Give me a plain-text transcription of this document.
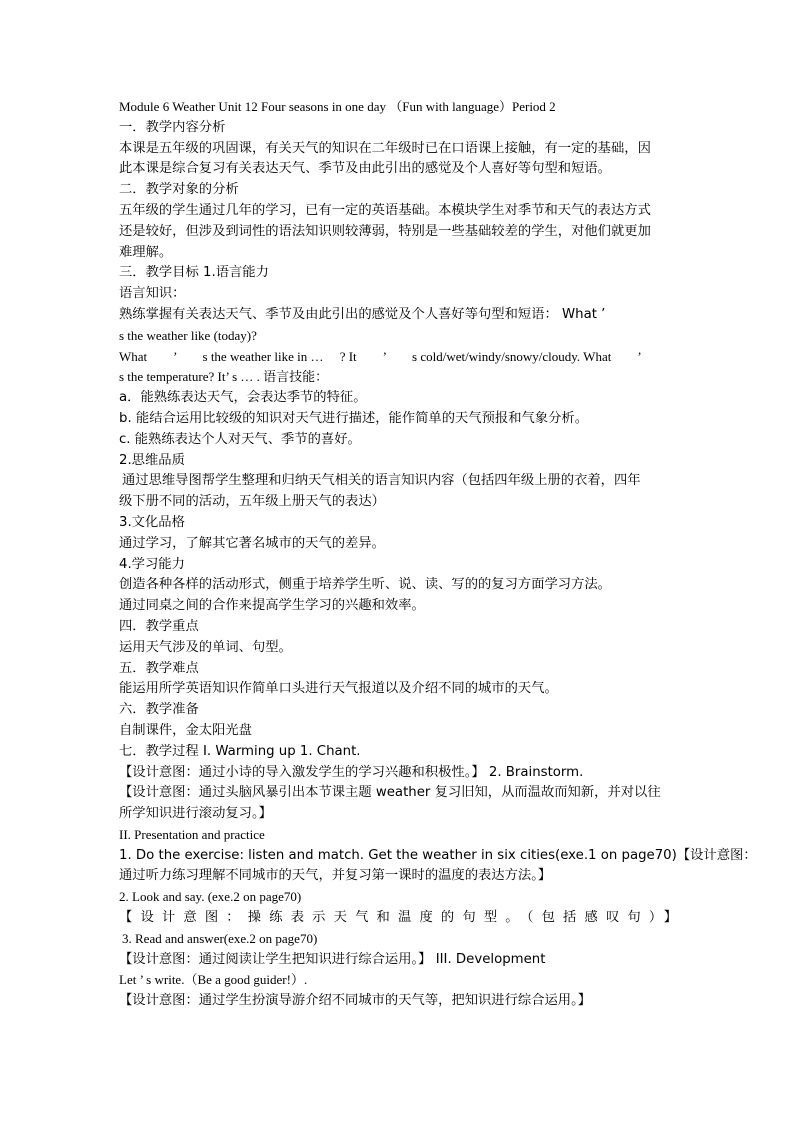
Module 6 Weather Unit 12 Four seasons in one day （Fun with language）Period 2
一．教学内容分析
本课是五年级的巩固课，有关天气的知识在二年级时已在口语课上接触，有一定的基础，因
此本课是综合复习有关表达天气、季节及由此引出的感觉及个人喜好等句型和短语。
二．教学对象的分析
五年级的学生通过几年的学习，已有一定的英语基础。本模块学生对季节和天气的表达方式
还是较好，但涉及到词性的语法知识则较薄弱，特别是一些基础较差的学生，对他们就更加
难理解。
三．教学目标 1.语言能力
语言知识：
熟练掌握有关表达天气、季节及由此引出的感觉及个人喜好等句型和短语： What ’
s the weather like (today)?
What　　’　　s the weather like in …　 ? It　　’　　s cold/wet/windy/snowy/cloudy. What　　’
s the temperature? It’ s … . 语言技能：
a．能熟练表达天气，会表达季节的特征。
b. 能结合运用比较级的知识对天气进行描述，能作简单的天气预报和气象分析。
c. 能熟练表达个人对天气、季节的喜好。
2.思维品质
通过思维导图帮学生整理和归纳天气相关的语言知识内容（包括四年级上册的衣着，四年
级下册不同的活动，五年级上册天气的表达）
3.文化品格
通过学习，了解其它著名城市的天气的差异。
4.学习能力
创造各种各样的活动形式，侧重于培养学生听、说、读、写的的复习方面学习方法。
通过同桌之间的合作来提高学生学习的兴趣和效率。
四．教学重点
运用天气涉及的单词、句型。
五．教学难点
能运用所学英语知识作简单口头进行天气报道以及介绍不同的城市的天气。
六．教学准备
自制课件，金太阳光盘
七．教学过程 I. Warming up 1. Chant.
【设计意图：通过小诗的导入激发学生的学习兴趣和积极性。】 2. Brainstorm.
【设计意图：通过头脑风暴引出本节课主题 weather 复习旧知，从而温故而知新，并对以往
所学知识进行滚动复习。】
II. Presentation and practice
1. Do the exercise: listen and match. Get the weather in six cities(exe.1 on page70)【设计意图：
通过听力练习理解不同城市的天气，并复习第一课时的温度的表达方法。】
2. Look and say. (exe.2 on page70)
【设计意图：操练表示天气和温度的句型。（包括感叹句）】
3. Read and answer(exe.2 on page70)
【设计意图：通过阅读让学生把知识进行综合运用。】 III. Development
Let ’ s write.（Be a good guider!）.
【设计意图：通过学生扮演导游介绍不同城市的天气等，把知识进行综合运用。】
